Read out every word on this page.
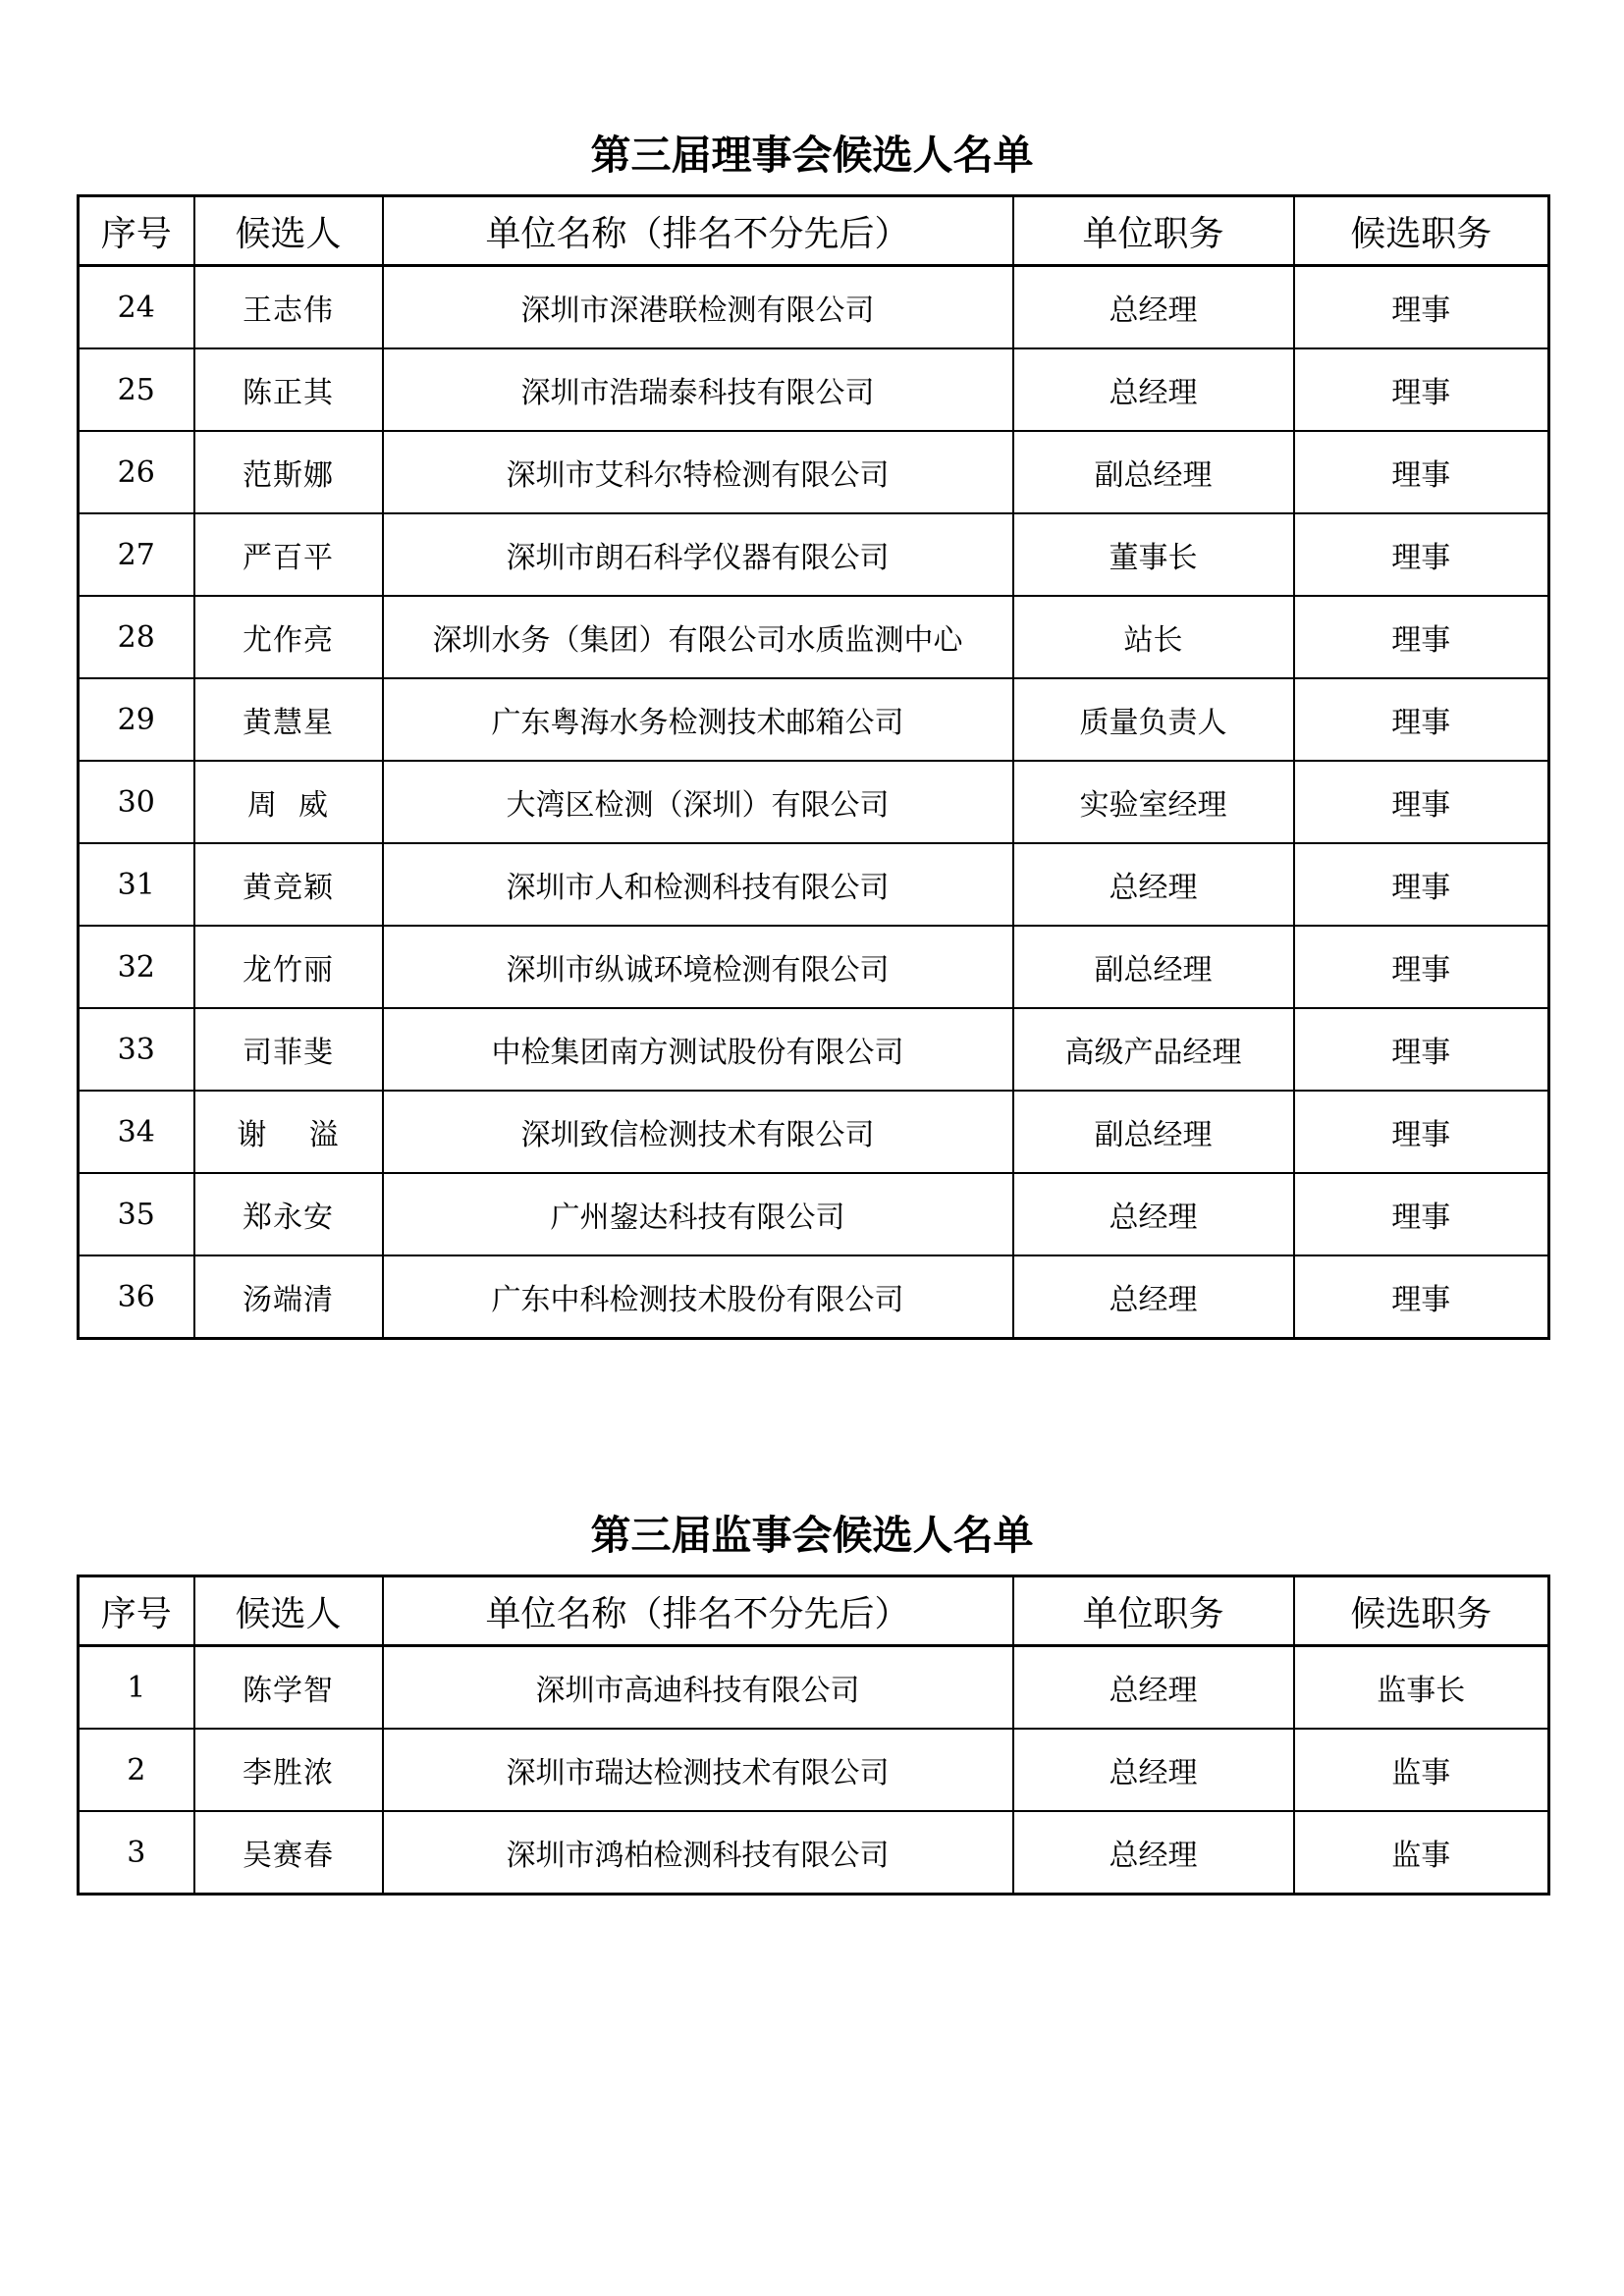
第三届理事会候选人名单
序号	候选人	单位名称（排名不分先后）	单位职务	候选职务
24	王志伟	深圳市深港联检测有限公司	总经理	理事
25	陈正其	深圳市浩瑞泰科技有限公司	总经理	理事
26	范斯娜	深圳市艾科尔特检测有限公司	副总经理	理事
27	严百平	深圳市朗石科学仪器有限公司	董事长	理事
28	尤作亮	深圳水务（集团）有限公司水质监测中心	站长	理事
29	黄慧星	广东粤海水务检测技术邮箱公司	质量负责人	理事
30	周  威	大湾区检测（深圳）有限公司	实验室经理	理事
31	黄竞颖	深圳市人和检测科技有限公司	总经理	理事
32	龙竹丽	深圳市纵诚环境检测有限公司	副总经理	理事
33	司菲斐	中检集团南方测试股份有限公司	高级产品经理	理事
34	谢    溢	深圳致信检测技术有限公司	副总经理	理事
35	郑永安	广州鋆达科技有限公司	总经理	理事
36	汤端清	广东中科检测技术股份有限公司	总经理	理事
第三届监事会候选人名单
序号	候选人	单位名称（排名不分先后）	单位职务	候选职务
1	陈学智	深圳市高迪科技有限公司	总经理	监事长
2	李胜浓	深圳市瑞达检测技术有限公司	总经理	监事
3	吴赛春	深圳市鸿柏检测科技有限公司	总经理	监事
